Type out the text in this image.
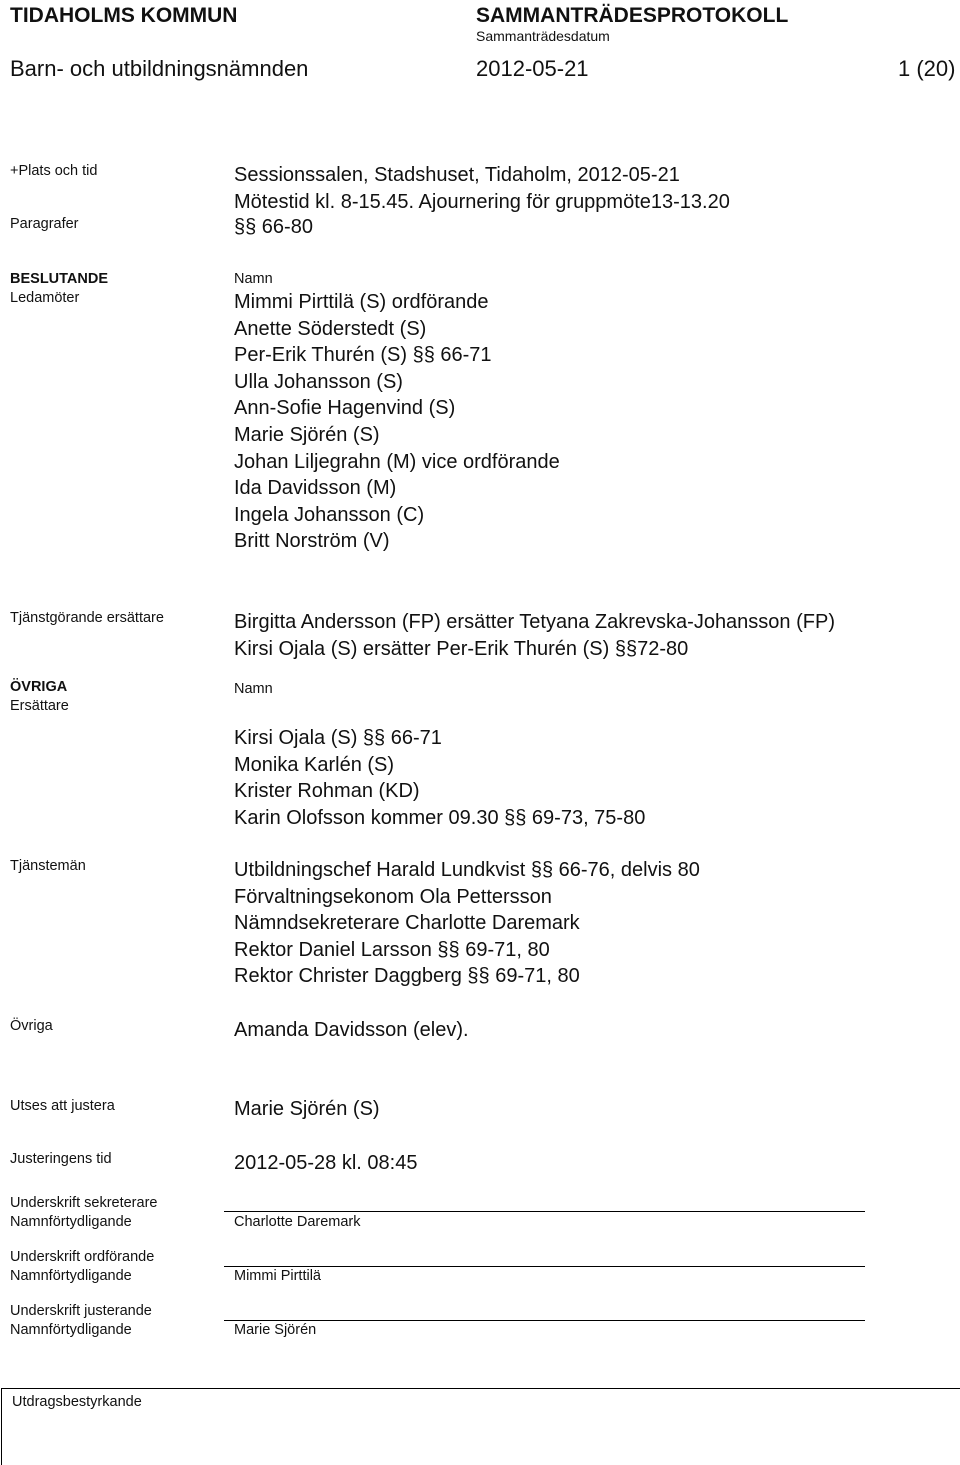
TIDAHOLMS KOMMUN	SAMMANTRÄDESPROTOKOLL
Sammanträdesdatum
Barn- och utbildningsnämnden	2012-05-21	1 (20)
+Plats och tid	Sessionssalen, Stadshuset, Tidaholm, 2012-05-21
Mötestid kl. 8-15.45. Ajournering för gruppmöte13-13.20
Paragrafer	§§ 66-80
BESLUTANDE
Ledamöter
Namn
Mimmi Pirttilä (S) ordförande
Anette Söderstedt (S)
Per-Erik Thurén (S) §§ 66-71
Ulla Johansson (S)
Ann-Sofie Hagenvind (S)
Marie Sjörén (S)
Johan Liljegrahn (M) vice ordförande
Ida Davidsson (M)
Ingela Johansson (C)
Britt Norström (V)
Tjänstgörande ersättare	Birgitta Andersson (FP) ersätter Tetyana Zakrevska-Johansson (FP)
Kirsi Ojala (S) ersätter Per-Erik Thurén (S) §§72-80
ÖVRIGA
Ersättare
Namn
Kirsi Ojala (S) §§ 66-71
Monika Karlén (S)
Krister Rohman (KD)
Karin Olofsson kommer 09.30 §§ 69-73, 75-80
Tjänstemän	Utbildningschef Harald Lundkvist §§ 66-76, delvis 80
Förvaltningsekonom Ola Pettersson
Nämndsekreterare Charlotte Daremark
Rektor Daniel Larsson §§ 69-71, 80
Rektor Christer Daggberg §§ 69-71, 80
Övriga	Amanda Davidsson (elev).
Utses att justera	Marie Sjörén (S)
Justeringens tid	2012-05-28 kl. 08:45
Underskrift sekreterare
Namnförtydligande	Charlotte Daremark
Underskrift ordförande
Namnförtydligande	Mimmi Pirttilä
Underskrift justerande
Namnförtydligande	Marie Sjörén
Utdragsbestyrkande
